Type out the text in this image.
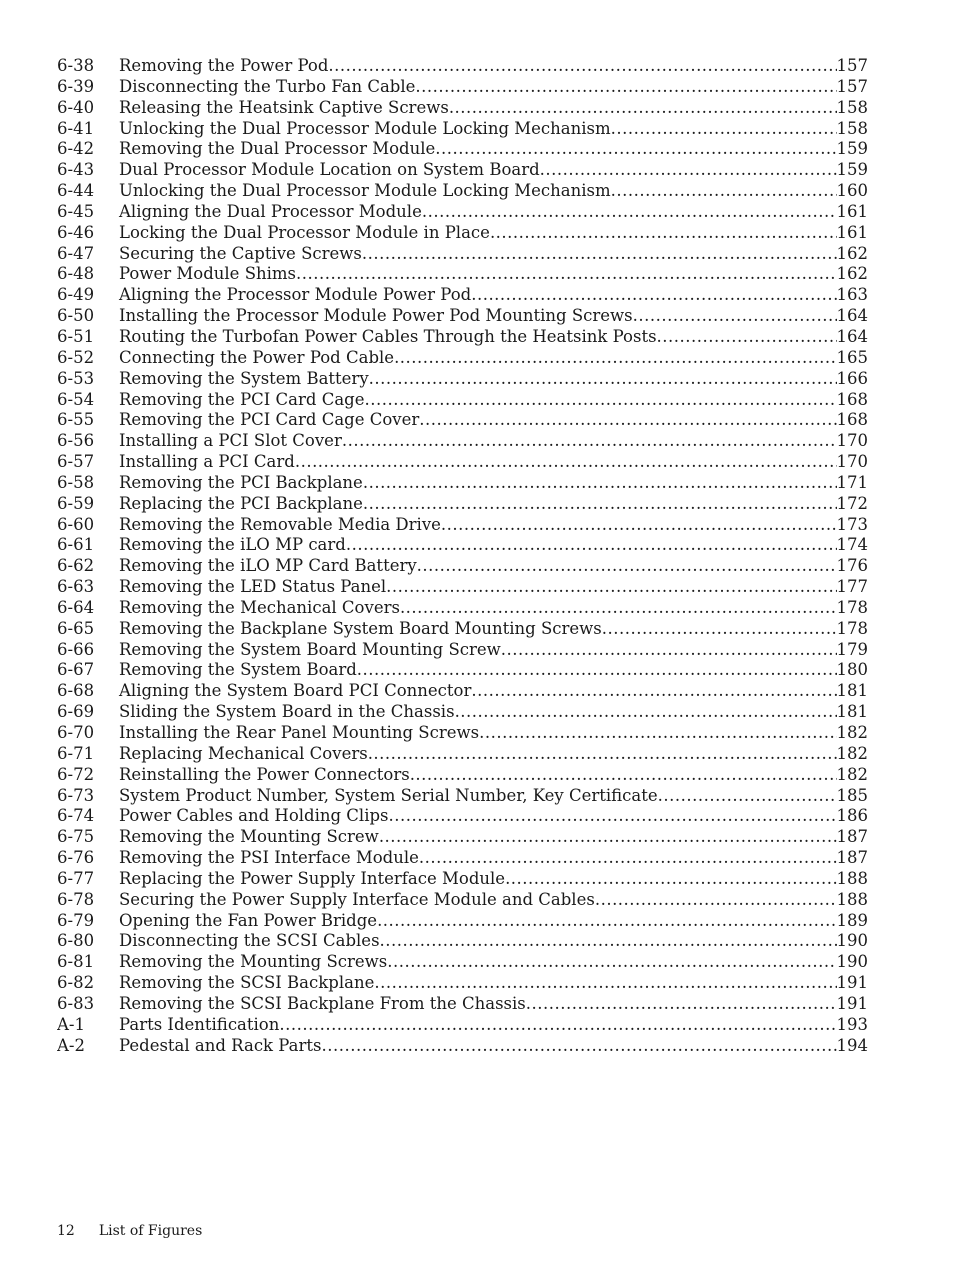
6-38	Removing the Power Pod .....	157
6-39	Disconnecting the Turbo Fan Cable .....	157
6-40	Releasing the Heatsink Captive Screws .....	158
6-41	Unlocking the Dual Processor Module Locking Mechanism .....	158
6-42	Removing the Dual Processor Module .....	159
6-43	Dual Processor Module Location on System Board .....	159
6-44	Unlocking the Dual Processor Module Locking Mechanism .....	160
6-45	Aligning the Dual Processor Module .....	161
6-46	Locking the Dual Processor Module in Place .....	161
6-47	Securing the Captive Screws .....	162
6-48	Power Module Shims .....	162
6-49	Aligning the Processor Module Power Pod .....	163
6-50	Installing the Processor Module Power Pod Mounting Screws .....	164
6-51	Routing the Turbofan Power Cables Through the Heatsink Posts .....	164
6-52	Connecting the Power Pod Cable .....	165
6-53	Removing the System Battery .....	166
6-54	Removing the PCI Card Cage .....	168
6-55	Removing the PCI Card Cage Cover .....	168
6-56	Installing a PCI Slot Cover .....	170
6-57	Installing a PCI Card .....	170
6-58	Removing the PCI Backplane .....	171
6-59	Replacing the PCI Backplane .....	172
6-60	Removing the Removable Media Drive .....	173
6-61	Removing the iLO MP card .....	174
6-62	Removing the iLO MP Card Battery .....	176
6-63	Removing the LED Status Panel .....	177
6-64	Removing the Mechanical Covers .....	178
6-65	Removing the Backplane System Board Mounting Screws .....	178
6-66	Removing the System Board Mounting Screw .....	179
6-67	Removing the System Board .....	180
6-68	Aligning the System Board PCI Connector .....	181
6-69	Sliding the System Board in the Chassis .....	181
6-70	Installing the Rear Panel Mounting Screws .....	182
6-71	Replacing Mechanical Covers .....	182
6-72	Reinstalling the Power Connectors .....	182
6-73	System Product Number, System Serial Number, Key Certificate .....	185
6-74	Power Cables and Holding Clips .....	186
6-75	Removing the Mounting Screw .....	187
6-76	Removing the PSI Interface Module .....	187
6-77	Replacing the Power Supply Interface Module .....	188
6-78	Securing the Power Supply Interface Module and Cables .....	188
6-79	Opening the Fan Power Bridge .....	189
6-80	Disconnecting the SCSI Cables .....	190
6-81	Removing the Mounting Screws .....	190
6-82	Removing the SCSI Backplane .....	191
6-83	Removing the SCSI Backplane From the Chassis .....	191
A-1	Parts Identification .....	193
A-2	Pedestal and Rack Parts .....	194
12 List of Figures
